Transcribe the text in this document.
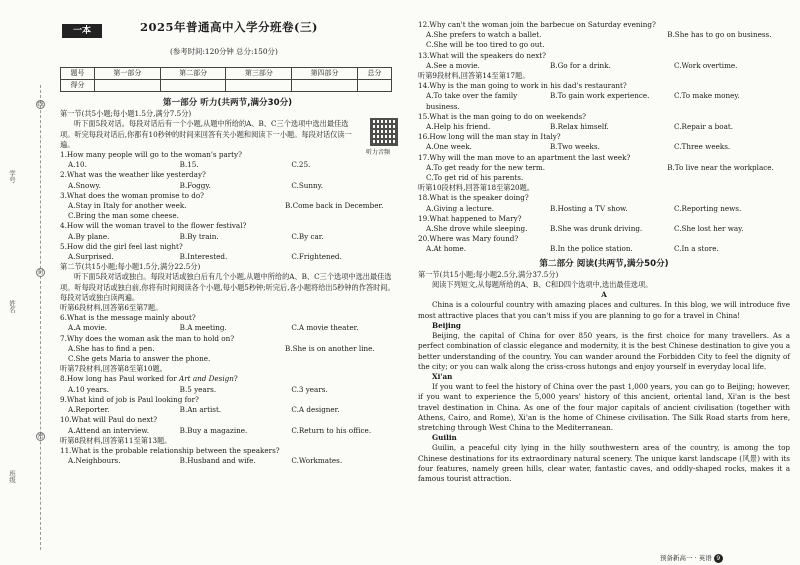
线
学号
封
姓名
密
班级
一本	2025年普通高中入学分班卷(三)
(参考时间:120分钟 总分:150分)
题号	第一部分	第二部分	第三部分	第四部分	总分
得分					
第一部分 听力(共两节,满分30分)
第一节(共5小题;每小题1.5分,满分7.5分)
听下面5段对话。每段对话后有一个小题,从题中所给的A、B、C三个选项中选出最佳选项。听完每段对话后,你都有10秒钟的时间来回答有关小题和阅读下一小题。每段对话仅读一遍。
1.How many people will go to the woman's party?
A.10.	B.15.	C.25.
2.What was the weather like yesterday?
A.Snowy.	B.Foggy.	C.Sunny.
3.What does the woman promise to do?
A.Stay in Italy for another week.	B.Come back in December.
C.Bring the man some cheese.
4.How will the woman travel to the flower festival?
A.By plane.	B.By train.	C.By car.
5.How did the girl feel last night?
A.Surprised.	B.Interested.	C.Frightened.
第二节(共15小题;每小题1.5分,满分22.5分)
听下面5段对话或独白。每段对话或独白后有几个小题,从题中所给的A、B、C三个选项中选出最佳选项。听每段对话或独白前,你将有时间阅读各个小题,每小题5秒钟;听完后,各小题将给出5秒钟的作答时间。每段对话或独白读两遍。
听第6段材料,回答第6至第7题。
6.What is the message mainly about?
A.A movie.	B.A meeting.	C.A movie theater.
7.Why does the woman ask the man to hold on?
A.She has to find a pen.	B.She is on another line.
C.She gets Maria to answer the phone.
听第7段材料,回答第8至第10题。
8.How long has Paul worked for Art and Design?
A.10 years.	B.5 years.	C.3 years.
9.What kind of job is Paul looking for?
A.Reporter.	B.An artist.	C.A designer.
10.What will Paul do next?
A.Attend an interview.	B.Buy a magazine.	C.Return to his office.
听第8段材料,回答第11至第13题。
11.What is the probable relationship between the speakers?
A.Neighbours.	B.Husband and wife.	C.Workmates.
听力音频
12.Why can't the woman join the barbecue on Saturday evening?
A.She prefers to watch a ballet.	B.She has to go on business.
C.She will be too tired to go out.
13.What will the speakers do next?
A.See a movie.	B.Go for a drink.	C.Work overtime.
听第9段材料,回答第14至第17题。
14.Why is the man going to work in his dad's restaurant?
A.To take over the family business.
B.To gain work experience.	C.To make money.
15.What is the man going to do on weekends?
A.Help his friend.	B.Relax himself.	C.Repair a boat.
16.How long will the man stay in Italy?
A.One week.	B.Two weeks.	C.Three weeks.
17.Why will the man move to an apartment the last week?
A.To get ready for the new term.	B.To live near the workplace.
C.To get rid of his parents.
听第10段材料,回答第18至第20题。
18.What is the speaker doing?
A.Giving a lecture.	B.Hosting a TV show.	C.Reporting news.
19.What happened to Mary?
A.She drove while sleeping.	B.She was drunk driving.	C.She lost her way.
20.Where was Mary found?
A.At home.	B.In the police station.	C.In a store.
第二部分 阅读(共两节,满分50分)
第一节(共15小题;每小题2.5分,满分37.5分)
阅读下列短文,从每题所给的A、B、C和D四个选项中,选出最佳选项。
A
China is a colourful country with amazing places and cultures. In this blog, we will introduce five most attractive places that you can't miss if you are planning to go for a travel in China!
Beijing
Beijing, the capital of China for over 850 years, is the first choice for many travellers. As a perfect combination of classic elegance and modernity, it is the best Chinese destination to give you a better understanding of the country. You can wander around the Forbidden City to feel the dignity of the city; or you can walk along the criss-cross hutongs and enjoy yourself in everyday local life.
Xi'an
If you want to feel the history of China over the past 1,000 years, you can go to Beijing; however, if you want to experience the 5,000 years' history of this ancient, oriental land, Xi'an is the best travel destination in China. As one of the four major capitals of ancient civilisation (together with Athens, Cairo, and Rome), Xi'an is the home of Chinese civilisation. The Silk Road starts from here, stretching through West China to the Mediterranean.
Guilin
Guilin, a peaceful city lying in the hilly southwestern area of the country, is among the top Chinese destinations for its extraordinary natural scenery. The unique karst landscape (风景) with its four features, namely green hills, clear water, fantastic caves, and oddly-shaped rocks, makes it a famous tourist attraction.
预备新高一 · 英语 9
